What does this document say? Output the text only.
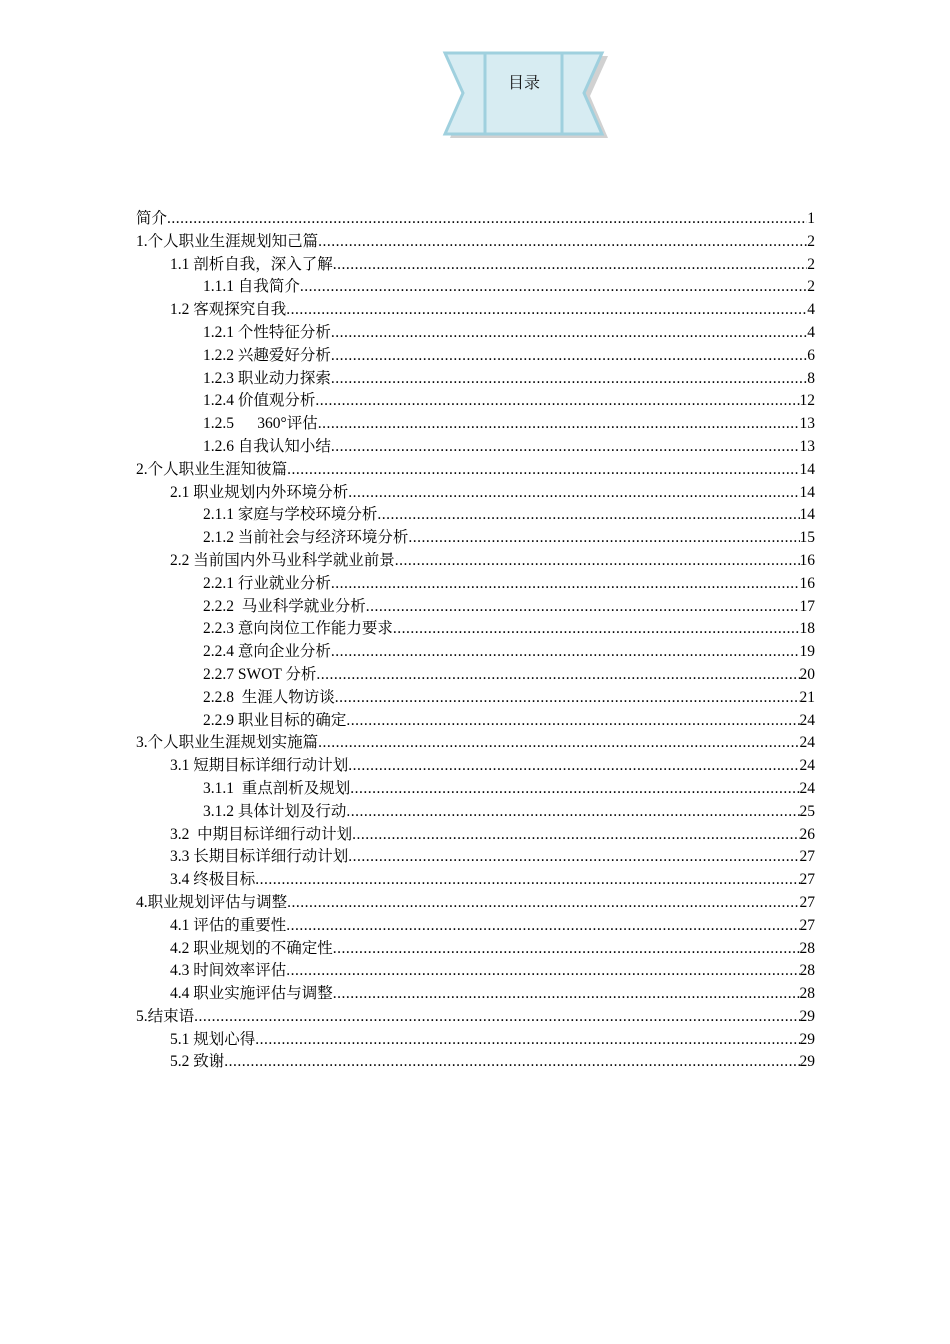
目录
简介 .....	1
1. 个人职业生涯规划知己篇 .....	2
1.1 剖析自我，深入了解 .....	2
1.1.1 自我简介 .....	2
1.2 客观探究自我 .....	4
1.2.1 个性特征分析 .....	4
1.2.2 兴趣爱好分析 .....	6
1.2.3 职业动力探索 .....	8
1.2.4 价值观分析 .....	12
1.2.5 360°评估 .....	13
1.2.6 自我认知小结 .....	13
2. 个人职业生涯知彼篇 .....	14
2.1 职业规划内外环境分析 .....	14
2.1.1 家庭与学校环境分析 .....	14
2.1.2 当前社会与经济环境分析 .....	15
2.2 当前国内外马业科学就业前景 .....	16
2.2.1 行业就业分析 .....	16
2.2.2 马业科学就业分析 .....	17
2.2.3 意向岗位工作能力要求 .....	18
2.2.4 意向企业分析 .....	19
2.2.7 SWOT 分析 .....	20
2.2.8 生涯人物访谈 .....	21
2.2.9 职业目标的确定 .....	24
3. 个人职业生涯规划实施篇 .....	24
3.1 短期目标详细行动计划 .....	24
3.1.1 重点剖析及规划 .....	24
3.1.2 具体计划及行动 .....	25
3.2 中期目标详细行动计划 .....	26
3.3 长期目标详细行动计划 .....	27
3.4 终极目标 .....	27
4. 职业规划评估与调整 .....	27
4.1 评估的重要性 .....	27
4.2 职业规划的不确定性 .....	28
4.3 时间效率评估 .....	28
4.4 职业实施评估与调整 .....	28
5. 结束语 .....	29
5.1 规划心得 .....	29
5.2 致谢 .....	29
